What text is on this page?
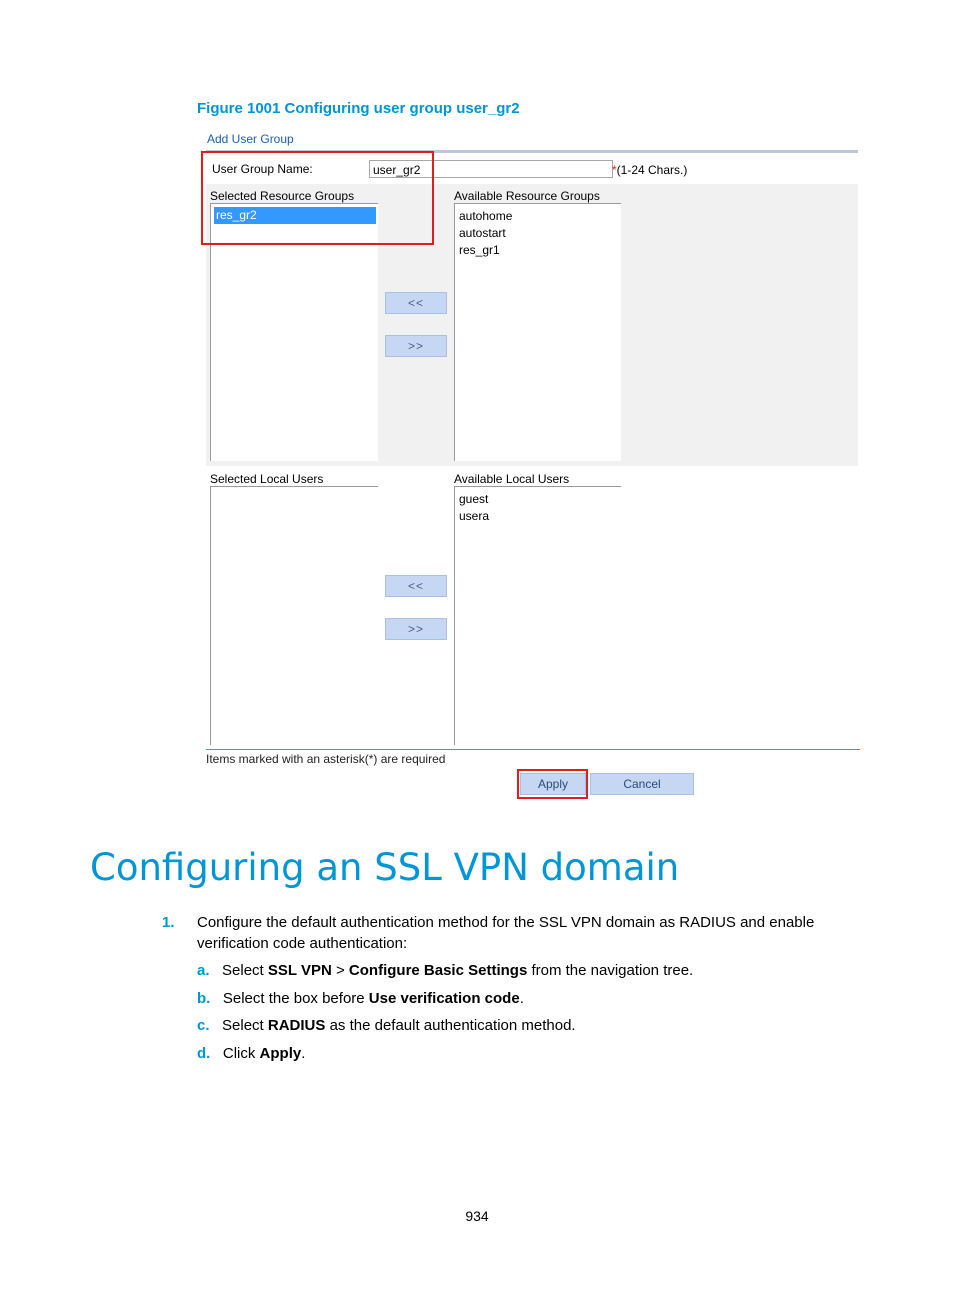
Figure 1001 Configuring user group user_gr2
Add User Group
User Group Name:	user_gr2	*(1-24 Chars.)
Selected Resource Groups
res_gr2
Available Resource Groups
autohome
autostart
res_gr1
<<
>>
Selected Local Users	Available Local Users
guest
usera
<<
>>
Items marked with an asterisk(*) are required
Apply	Cancel
Configuring an SSL VPN domain
1. Configure the default authentication method for the SSL VPN domain as RADIUS and enable verification code authentication:
a. Select SSL VPN > Configure Basic Settings from the navigation tree.
b. Select the box before Use verification code.
c. Select RADIUS as the default authentication method.
d. Click Apply.
934
